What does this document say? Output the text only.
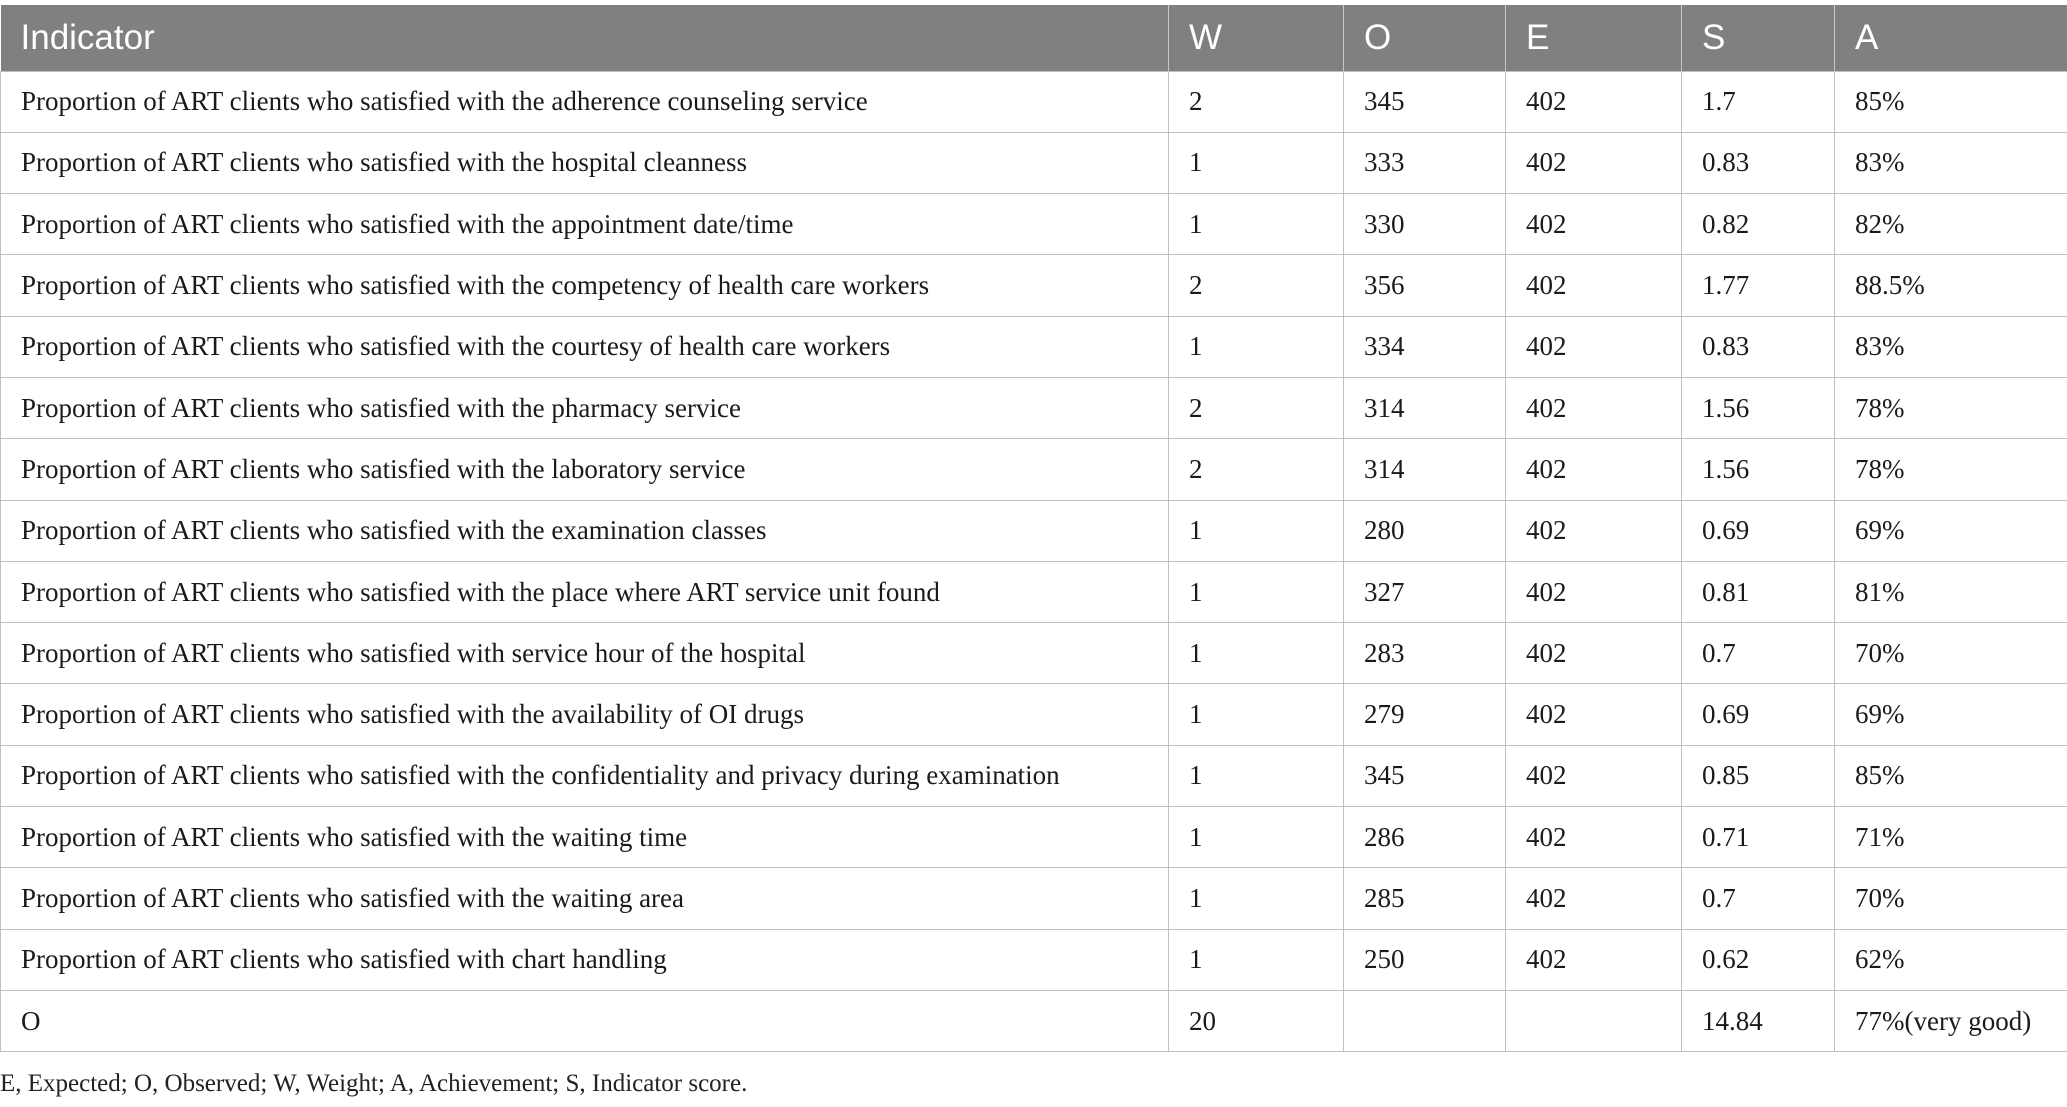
Indicator	W	O	E	S	A
Proportion of ART clients who satisfied with the adherence counseling service	2	345	402	1.7	85%
Proportion of ART clients who satisfied with the hospital cleanness	1	333	402	0.83	83%
Proportion of ART clients who satisfied with the appointment date/time	1	330	402	0.82	82%
Proportion of ART clients who satisfied with the competency of health care workers	2	356	402	1.77	88.5%
Proportion of ART clients who satisfied with the courtesy of health care workers	1	334	402	0.83	83%
Proportion of ART clients who satisfied with the pharmacy service	2	314	402	1.56	78%
Proportion of ART clients who satisfied with the laboratory service	2	314	402	1.56	78%
Proportion of ART clients who satisfied with the examination classes	1	280	402	0.69	69%
Proportion of ART clients who satisfied with the place where ART service unit found	1	327	402	0.81	81%
Proportion of ART clients who satisfied with service hour of the hospital	1	283	402	0.7	70%
Proportion of ART clients who satisfied with the availability of OI drugs	1	279	402	0.69	69%
Proportion of ART clients who satisfied with the confidentiality and privacy during examination	1	345	402	0.85	85%
Proportion of ART clients who satisfied with the waiting time	1	286	402	0.71	71%
Proportion of ART clients who satisfied with the waiting area	1	285	402	0.7	70%
Proportion of ART clients who satisfied with chart handling	1	250	402	0.62	62%
O	20			14.84	77%(very good)
E, Expected; O, Observed; W, Weight; A, Achievement; S, Indicator score.
